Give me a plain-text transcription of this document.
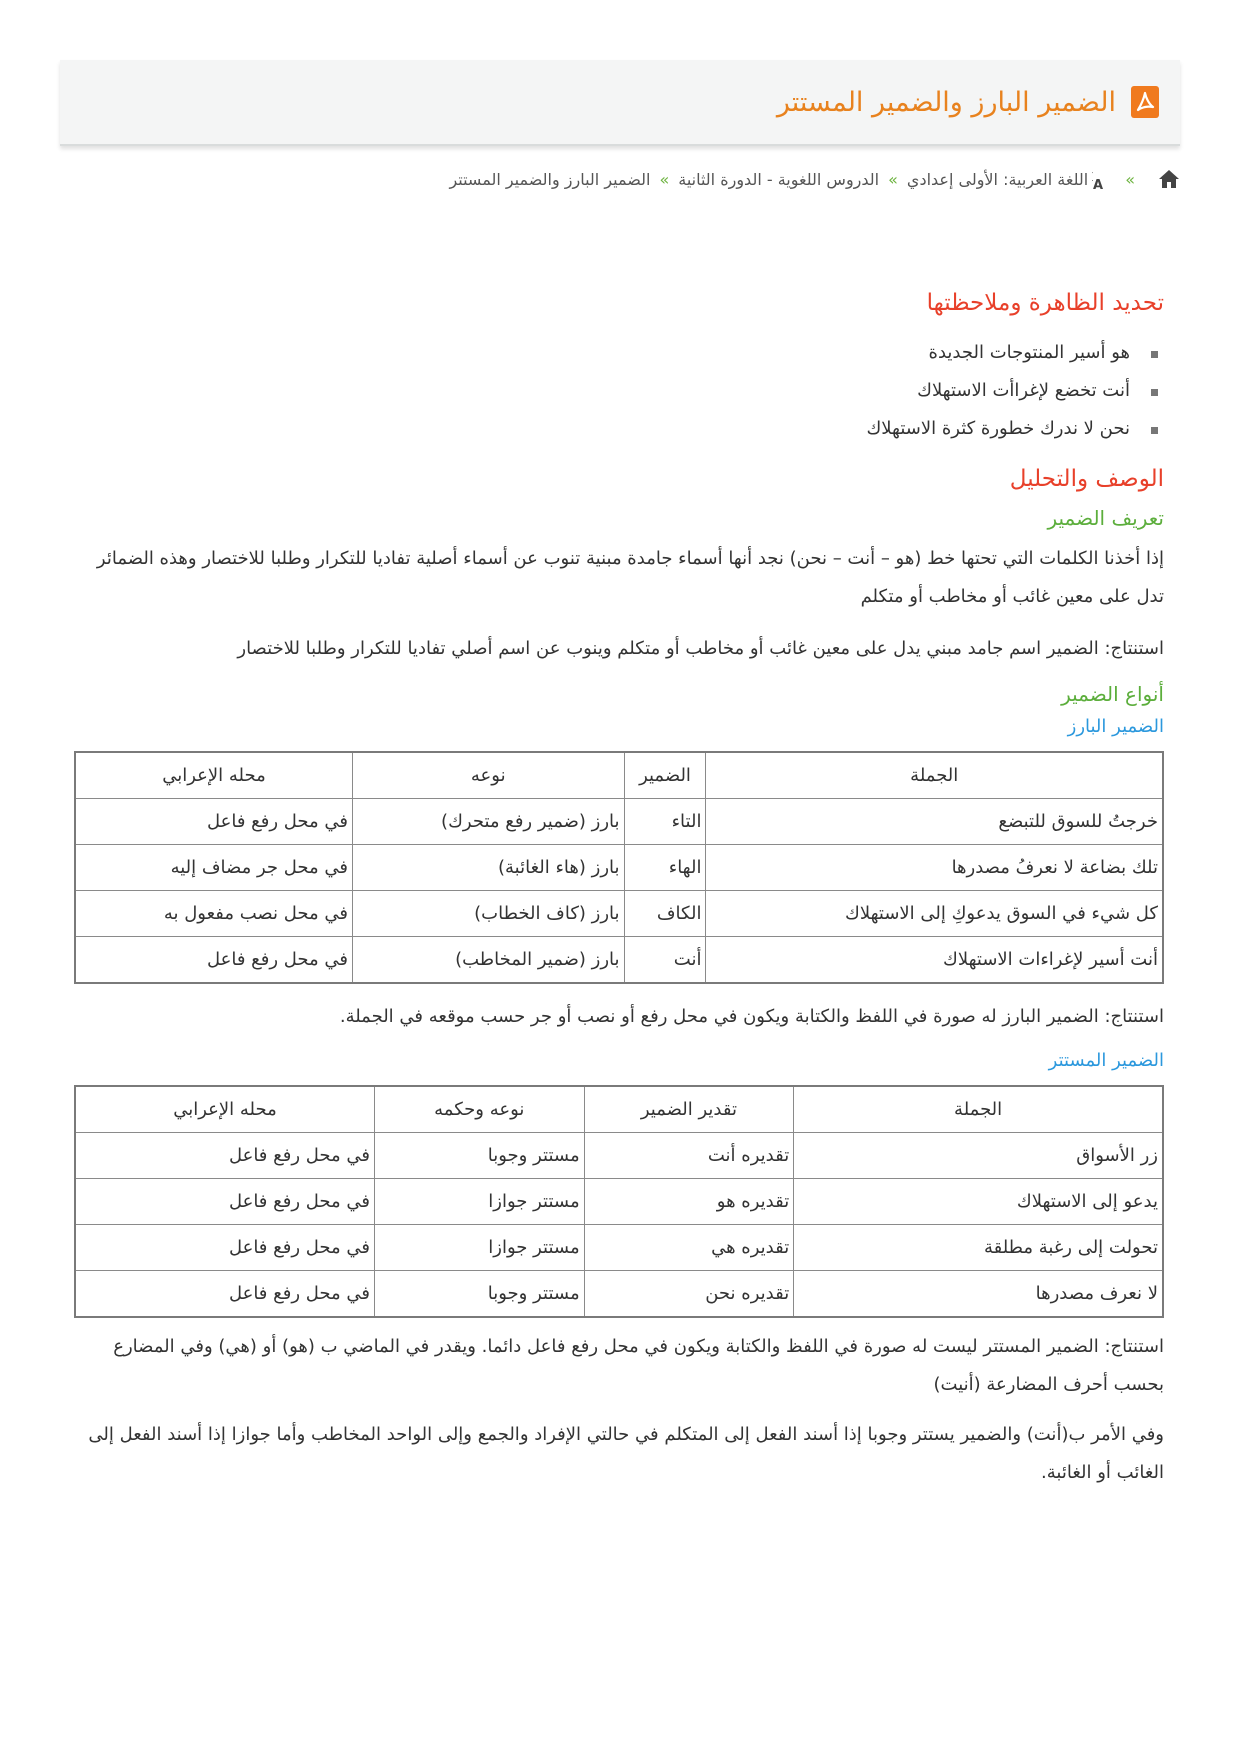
الضمير البارز والضمير المستتر
»
A
اللغة العربية: الأولى إعدادي
»
الدروس اللغوية - الدورة الثانية
»
الضمير البارز والضمير المستتر
تحديد الظاهرة وملاحظتها
هو أسير المنتوجات الجديدة
أنت تخضع لإغراأت الاستهلاك
نحن لا ندرك خطورة كثرة الاستهلاك
الوصف والتحليل
تعريف الضمير

إذا أخذنا الكلمات التي تحتها خط (هو – أنت – نحن) نجد أنها أسماء جامدة مبنية تنوب عن أسماء أصلية تفاديا للتكرار وطلبا للاختصار وهذه الضمائر تدل على معين غائب أو مخاطب أو متكلم

استنتاج: الضمير اسم جامد مبني يدل على معين غائب أو مخاطب أو متكلم وينوب عن اسم أصلي تفاديا للتكرار وطلبا للاختصار

أنواع الضمير
الضمير البارز
الجملة	الضمير	نوعه	محله الإعرابي
خرجتُ للسوق للتبضع	التاء	بارز (ضمير رفع متحرك)	في محل رفع فاعل
تلك بضاعة لا نعرفُ مصدرها	الهاء	بارز (هاء الغائبة)	في محل جر مضاف إليه
كل شيء في السوق يدعوكِ إلى الاستهلاك	الكاف	بارز (كاف الخطاب)	في محل نصب مفعول به
أنت أسير لإغراءات الاستهلاك	أنت	بارز (ضمير المخاطب)	في محل رفع فاعل

استنتاج: الضمير البارز له صورة في اللفظ والكتابة ويكون في محل رفع أو نصب أو جر حسب موقعه في الجملة.

الضمير المستتر
الجملة	تقدير الضمير	نوعه وحكمه	محله الإعرابي
زر الأسواق	تقديره أنت	مستتر وجوبا	في محل رفع فاعل
يدعو إلى الاستهلاك	تقديره هو	مستتر جوازا	في محل رفع فاعل
تحولت إلى رغبة مطلقة	تقديره هي	مستتر جوازا	في محل رفع فاعل
لا نعرف مصدرها	تقديره نحن	مستتر وجوبا	في محل رفع فاعل

استنتاج: الضمير المستتر ليست له صورة في اللفظ والكتابة ويكون في محل رفع فاعل دائما. ويقدر في الماضي ب (هو) أو (هي) وفي المضارع بحسب أحرف المضارعة (أنيت)

وفي الأمر ب(أنت) والضمير يستتر وجوبا إذا أسند الفعل إلى المتكلم في حالتي الإفراد والجمع وإلى الواحد المخاطب وأما جوازا إذا أسند الفعل إلى الغائب أو الغائبة.
